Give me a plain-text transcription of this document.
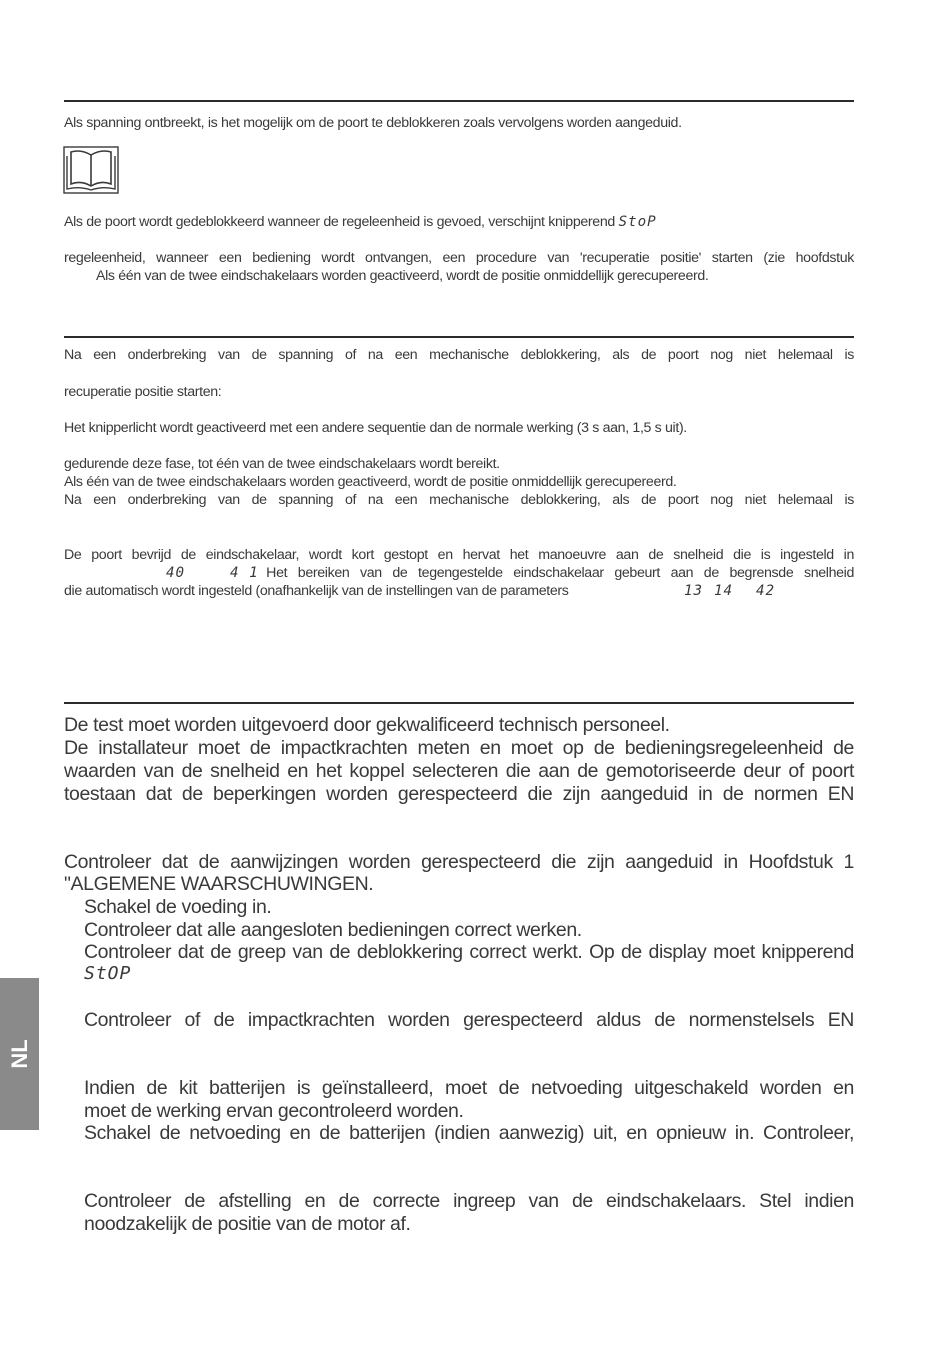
Als spanning ontbreekt, is het mogelijk om de poort te deblokkeren zoals vervolgens worden aangeduid.
Als de poort wordt gedeblokkeerd wanneer de regeleenheid is gevoed, verschijnt knipperend StoP
regeleenheid, wanneer een bediening wordt ontvangen, een procedure van 'recuperatie positie' starten (zie hoofdstuk
Als één van de twee eindschakelaars worden geactiveerd, wordt de positie onmiddellijk gerecupereerd.
Na een onderbreking van de spanning of na een mechanische deblokkering, als de poort nog niet helemaal is
recuperatie positie starten:
Het knipperlicht wordt geactiveerd met een andere sequentie dan de normale werking (3 s aan, 1,5 s uit).
gedurende deze fase, tot één van de twee eindschakelaars wordt bereikt.
Als één van de twee eindschakelaars worden geactiveerd, wordt de positie onmiddellijk gerecupereerd.
Na een onderbreking van de spanning of na een mechanische deblokkering, als de poort nog niet helemaal is
De poort bevrijd de eindschakelaar, wordt kort gestopt en hervat het manoeuvre aan de snelheid die is ingesteld in
40	4 1
. Het bereiken van de tegengestelde eindschakelaar gebeurt aan de begrensde snelheid
die automatisch wordt ingesteld (onafhankelijk van de instellingen van de parameters	13 14 42
De test moet worden uitgevoerd door gekwalificeerd technisch personeel.
De installateur moet de impactkrachten meten en moet op de bedieningsregeleenheid de
waarden van de snelheid en het koppel selecteren die aan de gemotoriseerde deur of poort
toestaan dat de beperkingen worden gerespecteerd die zijn aangeduid in de normen EN
Controleer dat de aanwijzingen worden gerespecteerd die zijn aangeduid in Hoofdstuk 1
"ALGEMENE WAARSCHUWINGEN.
Schakel de voeding in.
Controleer dat alle aangesloten bedieningen correct werken.
Controleer dat de greep van de deblokkering correct werkt. Op de display moet knipperend
StOP
Controleer of de impactkrachten worden gerespecteerd aldus de normenstelsels EN
Indien de kit batterijen is geïnstalleerd, moet de netvoeding uitgeschakeld worden en
moet de werking ervan gecontroleerd worden.
Schakel de netvoeding en de batterijen (indien aanwezig) uit, en opnieuw in. Controleer,
Controleer de afstelling en de correcte ingreep van de eindschakelaars. Stel indien
noodzakelijk de positie van de motor af.
NL
